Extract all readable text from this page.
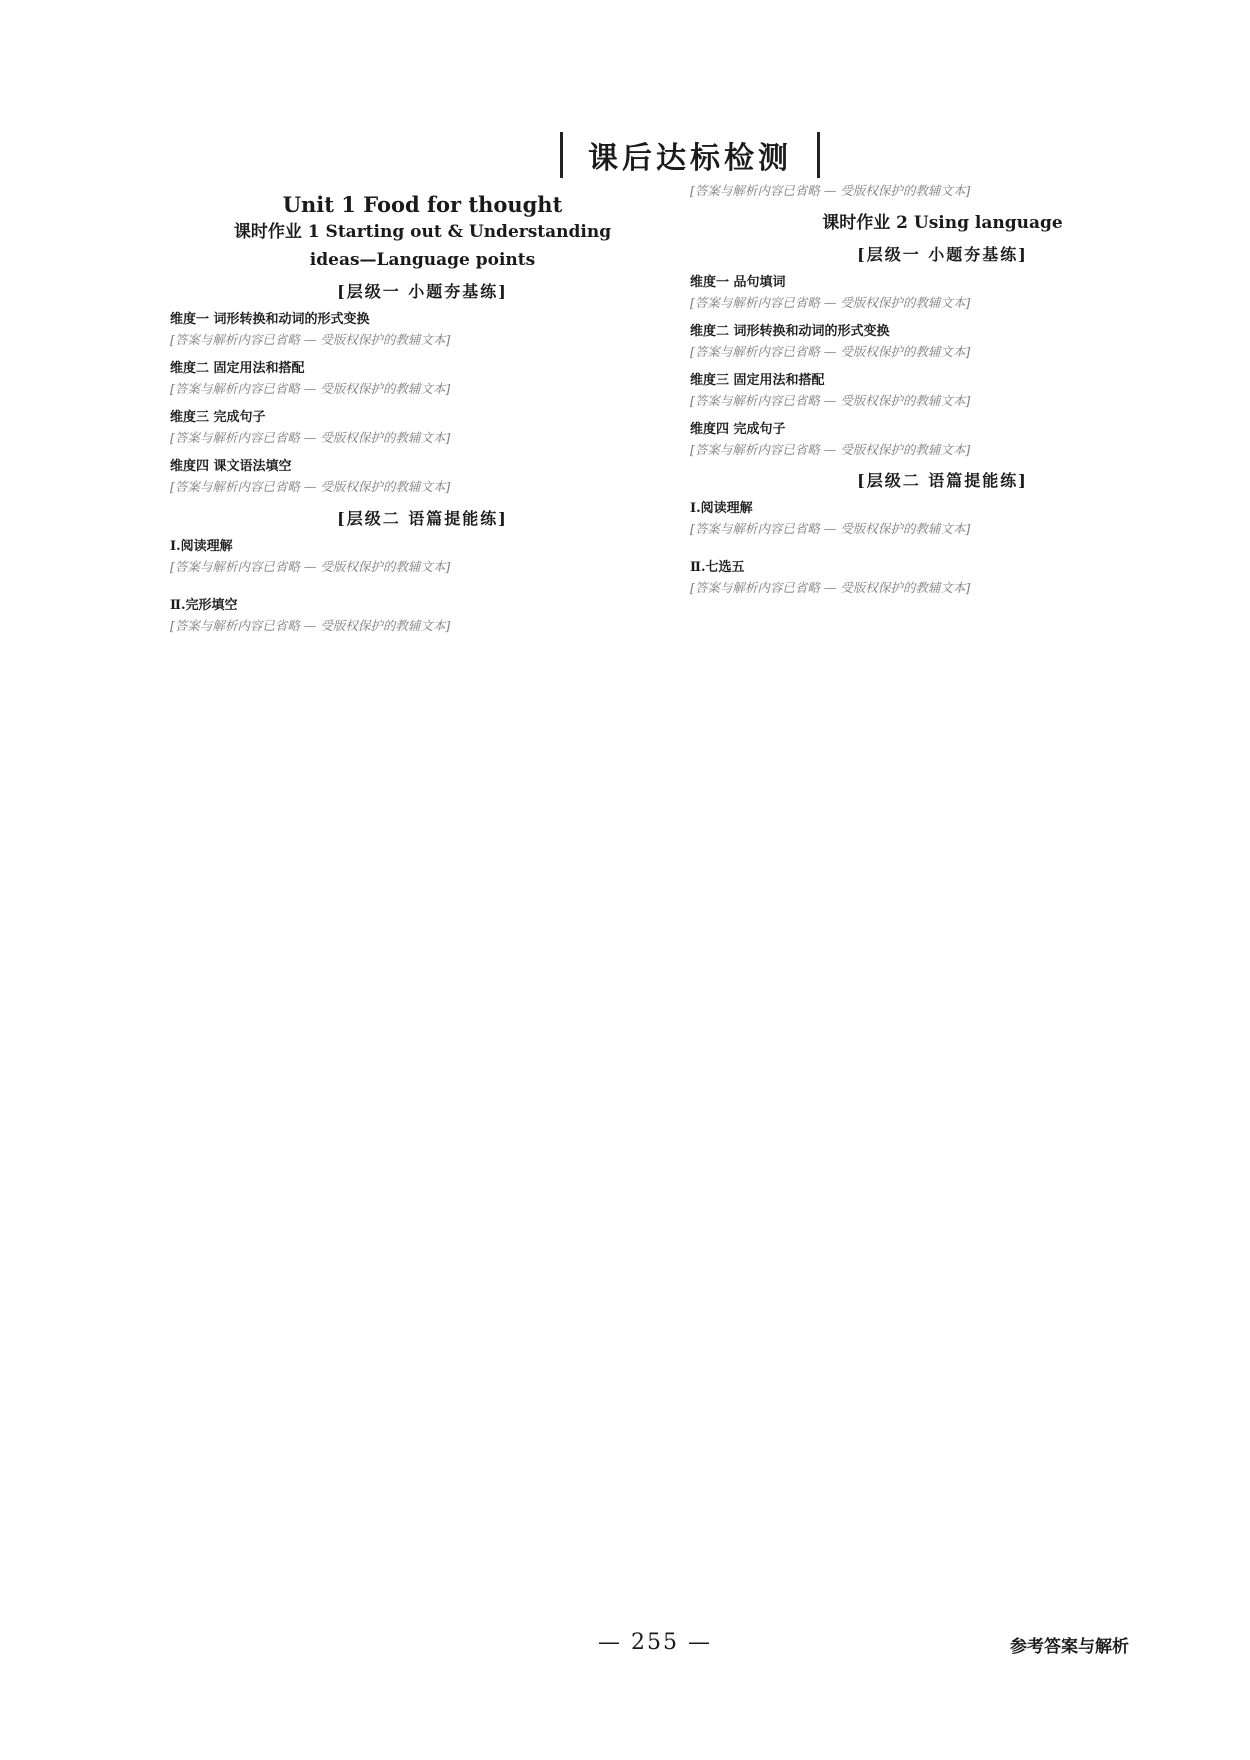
课后达标检测
Unit 1 Food for thought
课时作业 1 Starting out & Understanding
ideas—Language points
[层级一 小题夯基练]
维度一 词形转换和动词的形式变换
[答案与解析内容已省略 — 受版权保护的教辅文本]
维度二 固定用法和搭配
[答案与解析内容已省略 — 受版权保护的教辅文本]
维度三 完成句子
[答案与解析内容已省略 — 受版权保护的教辅文本]
维度四 课文语法填空
[答案与解析内容已省略 — 受版权保护的教辅文本]
[层级二 语篇提能练]
Ⅰ.阅读理解
[答案与解析内容已省略 — 受版权保护的教辅文本]
Ⅱ.完形填空
[答案与解析内容已省略 — 受版权保护的教辅文本]
[答案与解析内容已省略 — 受版权保护的教辅文本]
课时作业 2 Using language
[层级一 小题夯基练]
维度一 品句填词
[答案与解析内容已省略 — 受版权保护的教辅文本]
维度二 词形转换和动词的形式变换
[答案与解析内容已省略 — 受版权保护的教辅文本]
维度三 固定用法和搭配
[答案与解析内容已省略 — 受版权保护的教辅文本]
维度四 完成句子
[答案与解析内容已省略 — 受版权保护的教辅文本]
[层级二 语篇提能练]
Ⅰ.阅读理解
[答案与解析内容已省略 — 受版权保护的教辅文本]
Ⅱ.七选五
[答案与解析内容已省略 — 受版权保护的教辅文本]
— 255 —	参考答案与解析
